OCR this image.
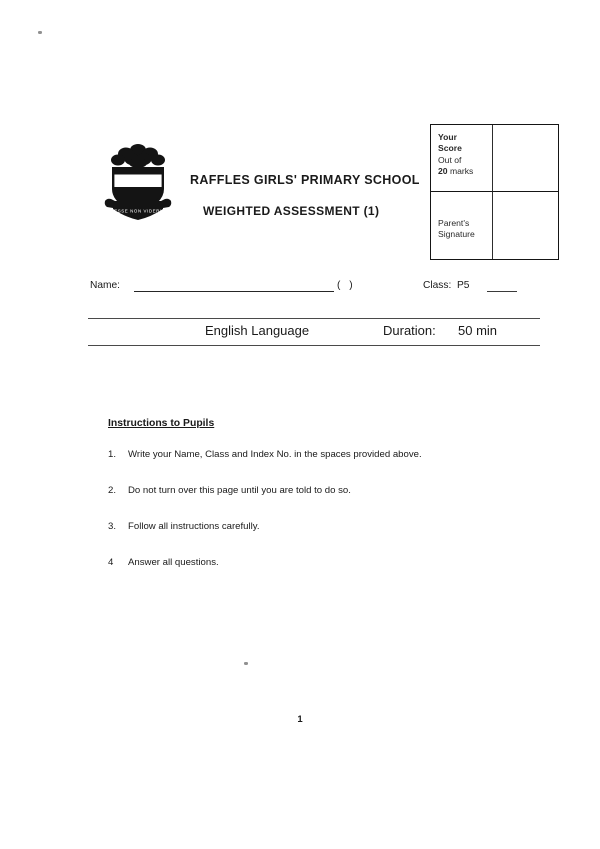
ESSE NON VIDERI
RAFFLES GIRLS' PRIMARY SCHOOL
WEIGHTED ASSESSMENT (1)
Your
Score
Out of
20 marks
Parent's
Signature
Name:	( )	Class: P5
English Language	Duration: 50 min
Instructions to Pupils
1.	Write your Name, Class and Index No. in the spaces provided above.
2.	Do not turn over this page until you are told to do so.
3.	Follow all instructions carefully.
4	Answer all questions.
1
